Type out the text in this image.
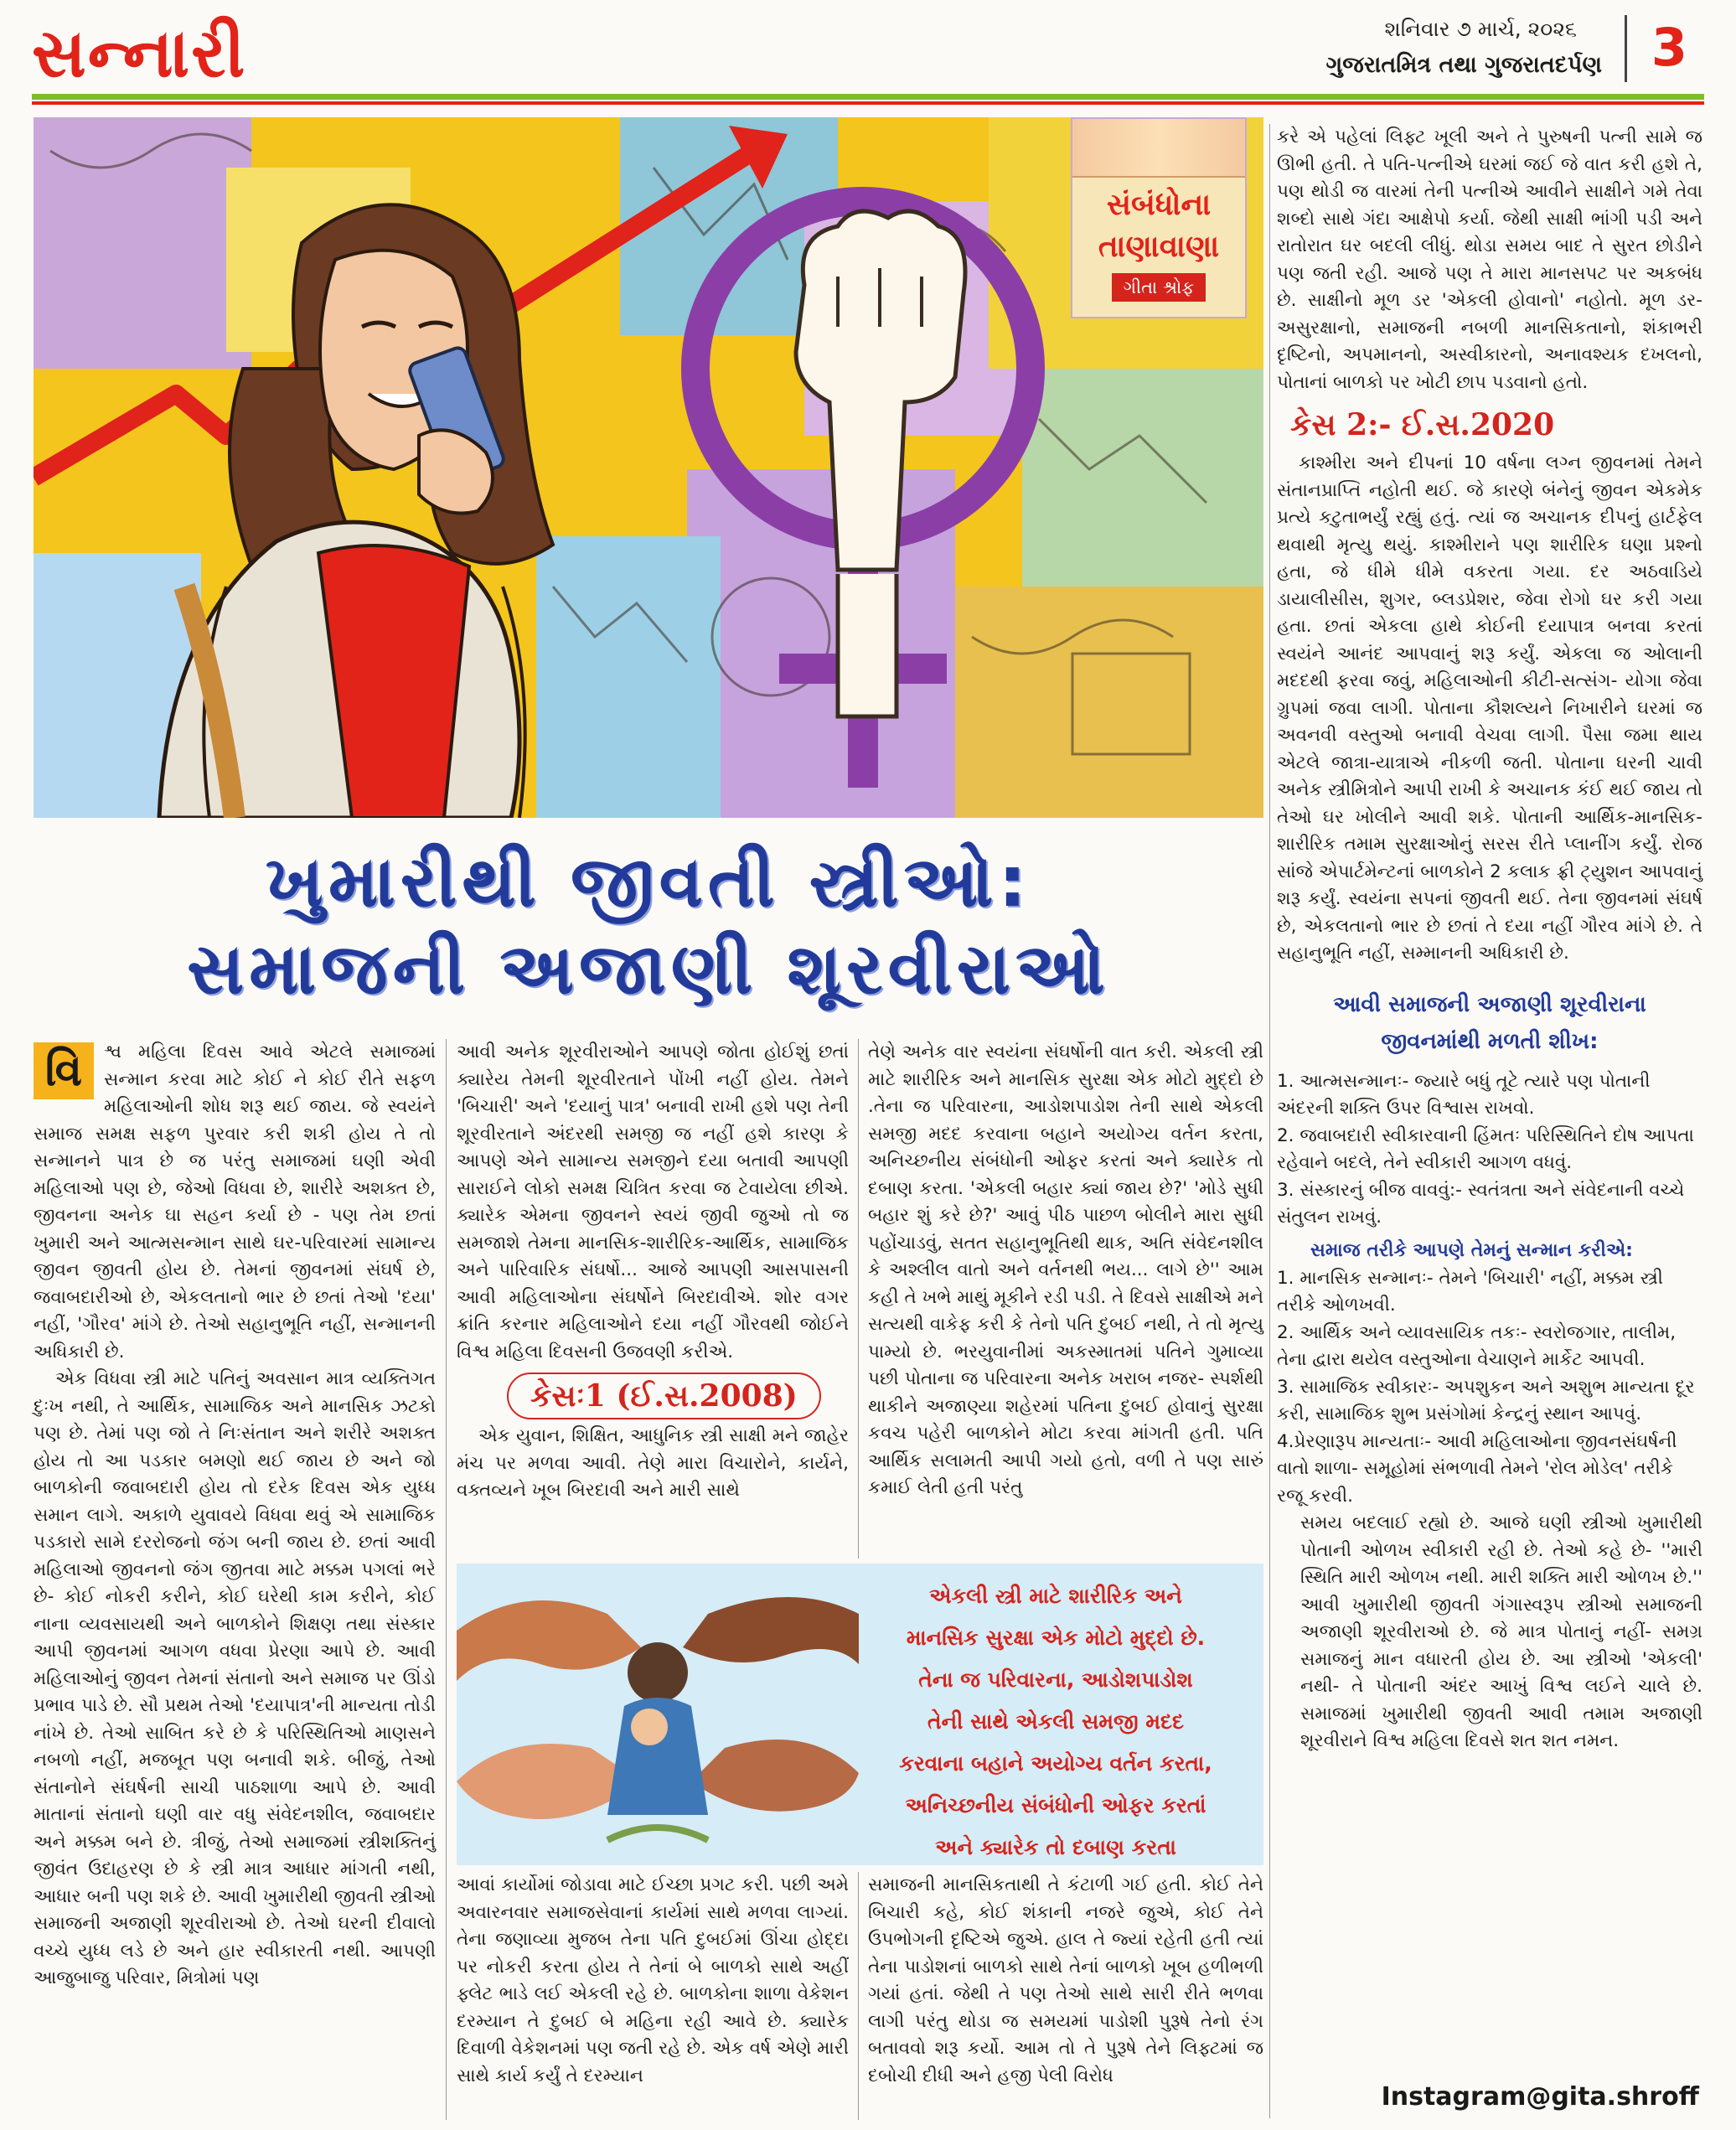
સન્નારી	શનિવાર ૭ માર્ચ, ૨૦૨૬
ગુજરાતમિત્ર તથા ગુજરાતદર્પણ 3
સંબંધોના
તાણાવાણા
ગીતા શ્રોફ
ખુમારીથી જીવતી સ્ત્રીઓ:
સમાજની અજાણી શૂરવીરાઓ

વિ	શ્વ મહિલા દિવસ આવે એટલે સમાજમાં સન્માન કરવા માટે કોઈ ને કોઈ રીતે સફળ મહિલાઓની શોધ શરૂ થઈ જાય. જે સ્વયંને સમાજ સમક્ષ સફળ પુરવાર કરી શકી હોય તે તો સન્માનને પાત્ર છે જ પરંતુ સમાજમાં ઘણી એવી મહિલાઓ પણ છે, જેઓ વિધવા છે, શારીરે અશક્ત છે, જીવનના અનેક ઘા સહન કર્યા છે - પણ તેમ છતાં ખુમારી અને આત્મસન્માન સાથે ઘર-પરિવારમાં સામાન્ય જીવન જીવતી હોય છે. તેમનાં જીવનમાં સંઘર્ષ છે, જવાબદારીઓ છે, એકલતાનો ભાર છે છતાં તેઓ 'દયા' નહીં, 'ગૌરવ' માંગે છે. તેઓ સહાનુભૂતિ નહીં, સન્માનની અધિકારી છે.

એક વિધવા સ્ત્રી માટે પતિનું અવસાન માત્ર વ્યક્તિગત દુઃખ નથી, તે આર્થિક, સામાજિક અને માનસિક ઝટકો પણ છે. તેમાં પણ જો તે નિઃસંતાન અને શરીરે અશક્ત હોય તો આ પડકાર બમણો થઈ જાય છે અને જો બાળકોની જવાબદારી હોય તો દરેક દિવસ એક યુધ્ધ સમાન લાગે. અકાળે યુવાવયે વિધવા થવું એ સામાજિક પડકારો સામે દરરોજનો જંગ બની જાય છે. છતાં આવી મહિલાઓ જીવનનો જંગ જીતવા માટે મક્કમ પગલાં ભરે છે- કોઈ નોકરી કરીને, કોઈ ઘરેથી કામ કરીને, કોઈ નાના વ્યવસાયથી અને બાળકોને શિક્ષણ તથા સંસ્કાર આપી જીવનમાં આગળ વધવા પ્રેરણા આપે છે. આવી મહિલાઓનું જીવન તેમનાં સંતાનો અને સમાજ પર ઊંડો પ્રભાવ પાડે છે. સૌ પ્રથમ તેઓ 'દયાપાત્ર'ની માન્યતા તોડી નાંખે છે. તેઓ સાબિત કરે છે કે પરિસ્થિતિઓ માણસને નબળો નહીં, મજબૂત પણ બનાવી શકે. બીજું, તેઓ સંતાનોને સંઘર્ષની સાચી પાઠશાળા આપે છે. આવી માતાનાં સંતાનો ઘણી વાર વધુ સંવેદનશીલ, જવાબદાર અને મક્કમ બને છે. ત્રીજું, તેઓ સમાજમાં સ્ત્રીશક્તિનું જીવંત ઉદાહરણ છે કે સ્ત્રી માત્ર આધાર માંગતી નથી, આધાર બની પણ શકે છે. આવી ખુમારીથી જીવતી સ્ત્રીઓ સમાજની અજાણી શૂરવીરાઓ છે. તેઓ ઘરની દીવાલો વચ્ચે યુધ્ધ લડે છે અને હાર સ્વીકારતી નથી. આપણી આજુબાજુ પરિવાર, મિત્રોમાં પણ

આવી અનેક શૂરવીરાઓને આપણે જોતા હોઈશું છતાં ક્યારેય તેમની શૂરવીરતાને પોંખી નહીં હોય. તેમને 'બિચારી' અને 'દયાનું પાત્ર' બનાવી રાખી હશે પણ તેની શૂરવીરતાને અંદરથી સમજી જ નહીં હશે કારણ કે આપણે એને સામાન્ય સમજીને દયા બતાવી આપણી સારાઈને લોકો સમક્ષ ચિત્રિત કરવા જ ટેવાયેલા છીએ. ક્યારેક એમના જીવનને સ્વયં જીવી જુઓ તો જ સમજાશે તેમના માનસિક-શારીરિક-આર્થિક, સામાજિક અને પારિવારિક સંઘર્ષો... આજે આપણી આસપાસની આવી મહિલાઓના સંઘર્ષોને બિરદાવીએ. શોર વગર ક્રાંતિ કરનાર મહિલાઓને દયા નહીં ગૌરવથી જોઈને વિશ્વ મહિલા દિવસની ઉજવણી કરીએ.

કેસઃ1 (ઈ.સ.2008)

એક યુવાન, શિક્ષિત, આધુનિક સ્ત્રી સાક્ષી મને જાહેર મંચ પર મળવા આવી. તેણે મારા વિચારોને, કાર્યને, વક્તવ્યને ખૂબ બિરદાવી અને મારી સાથે

તેણે અનેક વાર સ્વયંના સંઘર્ષોની વાત કરી. એકલી સ્ત્રી માટે શારીરિક અને માનસિક સુરક્ષા એક મોટો મુદ્દો છે .તેના જ પરિવારના, આડોશપાડોશ તેની સાથે એકલી સમજી મદદ કરવાના બહાને અયોગ્ય વર્તન કરતા, અનિચ્છનીય સંબંધોની ઓફર કરતાં અને ક્યારેક તો દબાણ કરતા. 'એકલી બહાર ક્યાં જાય છે?' 'મોડે સુધી બહાર શું કરે છે?' આવું પીઠ પાછળ બોલીને મારા સુધી પહોંચાડવું, સતત સહાનુભૂતિથી થાક, અતિ સંવેદનશીલ કે અશ્લીલ વાતો અને વર્તનથી ભય... લાગે છે'' આમ કહી તે ખભે માથું મૂકીને રડી પડી. તે દિવસે સાક્ષીએ મને સત્યથી વાકેફ કરી કે તેનો પતિ દુબઈ નથી, તે તો મૃત્યુ પામ્યો છે. ભરયુવાનીમાં અકસ્માતમાં પતિને ગુમાવ્યા પછી પોતાના જ પરિવારના અનેક ખરાબ નજર- સ્પર્શથી થાકીને અજાણ્યા શહેરમાં પતિના દુબઈ હોવાનું સુરક્ષા કવચ પહેરી બાળકોને મોટા કરવા માંગતી હતી. પતિ આર્થિક સલામતી આપી ગયો હતો, વળી તે પણ સારું કમાઈ લેતી હતી પરંતુ

એકલી સ્ત્રી માટે શારીરિક અને
માનસિક સુરક્ષા એક મોટો મુદ્દો છે.
તેના જ પરિવારના, આડોશપાડોશ
તેની સાથે એકલી સમજી મદદ
કરવાના બહાને અયોગ્ય વર્તન કરતા,
અનિચ્છનીય સંબંધોની ઓફર કરતાં
અને ક્યારેક તો દબાણ કરતા

આવાં કાર્યોમાં જોડાવા માટે ઈચ્છા પ્રગટ કરી. પછી અમે અવારનવાર સમાજસેવાનાં કાર્યમાં સાથે મળવા લાગ્યાં. તેના જણાવ્યા મુજબ તેના પતિ દુબઈમાં ઊંચા હોદ્દા પર નોકરી કરતા હોય તે તેનાં બે બાળકો સાથે અહીં ફ્લેટ ભાડે લઈ એકલી રહે છે. બાળકોના શાળા વેકેશન દરમ્યાન તે દુબઈ બે મહિના રહી આવે છે. ક્યારેક દિવાળી વેકેશનમાં પણ જતી રહે છે. એક વર્ષ એણે મારી સાથે કાર્ય કર્યું તે દરમ્યાન

સમાજની માનસિકતાથી તે કંટાળી ગઈ હતી. કોઈ તેને બિચારી કહે, કોઈ શંકાની નજરે જુએ, કોઈ તેને ઉપભોગની દૃષ્ટિએ જુએ. હાલ તે જ્યાં રહેતી હતી ત્યાં તેના પાડોશનાં બાળકો સાથે તેનાં બાળકો ખૂબ હળીભળી ગયાં હતાં. જેથી તે પણ તેઓ સાથે સારી રીતે ભળવા લાગી પરંતુ થોડા જ સમયમાં પાડોશી પુરૂષે તેનો રંગ બતાવવો શરૂ કર્યો. આમ તો તે પુરૂષે તેને લિફ્ટમાં જ દબોચી દીધી અને હજી પેલી વિરોધ

કરે એ પહેલાં લિફ્ટ ખૂલી અને તે પુરુષની પત્ની સામે જ ઊભી હતી. તે પતિ-પત્નીએ ઘરમાં જઈ જે વાત કરી હશે તે, પણ થોડી જ વારમાં તેની પત્નીએ આવીને સાક્ષીને ગમે તેવા શબ્દો સાથે ગંદા આક્ષેપો કર્યા. જેથી સાક્ષી ભાંગી પડી અને રાતોરાત ઘર બદલી લીધું. થોડા સમય બાદ તે સુરત છોડીને પણ જતી રહી. આજે પણ તે મારા માનસપટ પર અકબંધ છે. સાક્ષીનો મૂળ ડર 'એકલી હોવાનો' નહોતો. મૂળ ડર- અસુરક્ષાનો, સમાજની નબળી માનસિકતાનો, શંકાભરી દૃષ્ટિનો, અપમાનનો, અસ્વીકારનો, અનાવશ્યક દખલનો, પોતાનાં બાળકો પર ખોટી છાપ પડવાનો હતો.

કેસ 2:- ઈ.સ.2020

કાશ્મીરા અને દીપનાં 10 વર્ષના લગ્ન જીવનમાં તેમને સંતાનપ્રાપ્તિ નહોતી થઈ. જે કારણે બંનેનું જીવન એકમેક પ્રત્યે કટુતાભર્યું રહ્યું હતું. ત્યાં જ અચાનક દીપનું હાર્ટફેલ થવાથી મૃત્યુ થયું. કાશ્મીરાને પણ શારીરિક ઘણા પ્રશ્નો હતા, જે ધીમે ધીમે વકરતા ગયા. દર અઠવાડિયે ડાયાલીસીસ, શુગર, બ્લડપ્રેશર, જેવા રોગો ઘર કરી ગયા હતા. છતાં એકલા હાથે કોઈની દયાપાત્ર બનવા કરતાં સ્વયંને આનંદ આપવાનું શરૂ કર્યું. એકલા જ ઓલાની મદદથી ફરવા જવું, મહિલાઓની કીટી-સત્સંગ- યોગા જેવા ગ્રુપમાં જવા લાગી. પોતાના કૌશલ્યને નિખારીને ઘરમાં જ અવનવી વસ્તુઓ બનાવી વેચવા લાગી. પૈસા જમા થાય એટલે જાત્રા-યાત્રાએ નીકળી જતી. પોતાના ઘરની ચાવી અનેક સ્ત્રીમિત્રોને આપી રાખી કે અચાનક કંઈ થઈ જાય તો તેઓ ઘર ખોલીને આવી શકે. પોતાની આર્થિક-માનસિક-શારીરિક તમામ સુરક્ષાઓનું સરસ રીતે પ્લાનીંગ કર્યું. રોજ સાંજે એપાર્ટમેન્ટનાં બાળકોને 2 કલાક ફ્રી ટ્યુશન આપવાનું શરૂ કર્યું. સ્વયંના સપનાં જીવતી થઈ. તેના જીવનમાં સંઘર્ષ છે, એકલતાનો ભાર છે છતાં તે દયા નહીં ગૌરવ માંગે છે. તે સહાનુભૂતિ નહીં, સમ્માનની અધિકારી છે.

આવી સમાજની અજાણી શૂરવીરાના
જીવનમાંથી મળતી શીખ:

1. આત્મસન્માનઃ- જ્યારે બધું તૂટે ત્યારે પણ પોતાની અંદરની શક્તિ ઉપર વિશ્વાસ રાખવો.

2. જવાબદારી સ્વીકારવાની હિંમતઃ પરિસ્થિતિને દોષ આપતા રહેવાને બદલે, તેને સ્વીકારી આગળ વધવું.

3. સંસ્કારનું બીજ વાવવું:- સ્વતંત્રતા અને સંવેદનાની વચ્ચે સંતુલન રાખવું.

સમાજ તરીકે આપણે તેમનું સન્માન કરીએ:

1. માનસિક સન્માનઃ- તેમને 'બિચારી' નહીં, મક્કમ સ્ત્રી તરીકે ઓળખવી.

2. આર્થિક અને વ્યાવસાયિક તકઃ- સ્વરોજગાર, તાલીમ, તેના દ્વારા થયેલ વસ્તુઓના વેચાણને માર્કેટ આપવી.

3. સામાજિક સ્વીકારઃ- અપશુકન અને અશુભ માન્યતા દૂર કરી, સામાજિક શુભ પ્રસંગોમાં કેન્દ્રનું સ્થાન આપવું.

4.પ્રેરણારૂપ માન્યતાઃ- આવી મહિલાઓના જીવનસંઘર્ષની વાતો શાળા- સમૂહોમાં સંભળાવી તેમને 'રોલ મોડેલ' તરીકે રજૂ કરવી.

સમય બદલાઈ રહ્યો છે. આજે ઘણી સ્ત્રીઓ ખુમારીથી પોતાની ઓળખ સ્વીકારી રહી છે. તેઓ કહે છે- ''મારી સ્થિતિ મારી ઓળખ નથી. મારી શક્તિ મારી ઓળખ છે.'' આવી ખુમારીથી જીવતી ગંગાસ્વરૂપ સ્ત્રીઓ સમાજની અજાણી શૂરવીરાઓ છે. જે માત્ર પોતાનું નહીં- સમગ્ર સમાજનું માન વધારતી હોય છે. આ સ્ત્રીઓ 'એકલી' નથી- તે પોતાની અંદર આખું વિશ્વ લઈને ચાલે છે. સમાજમાં ખુમારીથી જીવતી આવી તમામ અજાણી શૂરવીરાને વિશ્વ મહિલા દિવસે શત શત નમન.

Instagram@gita.shroff
